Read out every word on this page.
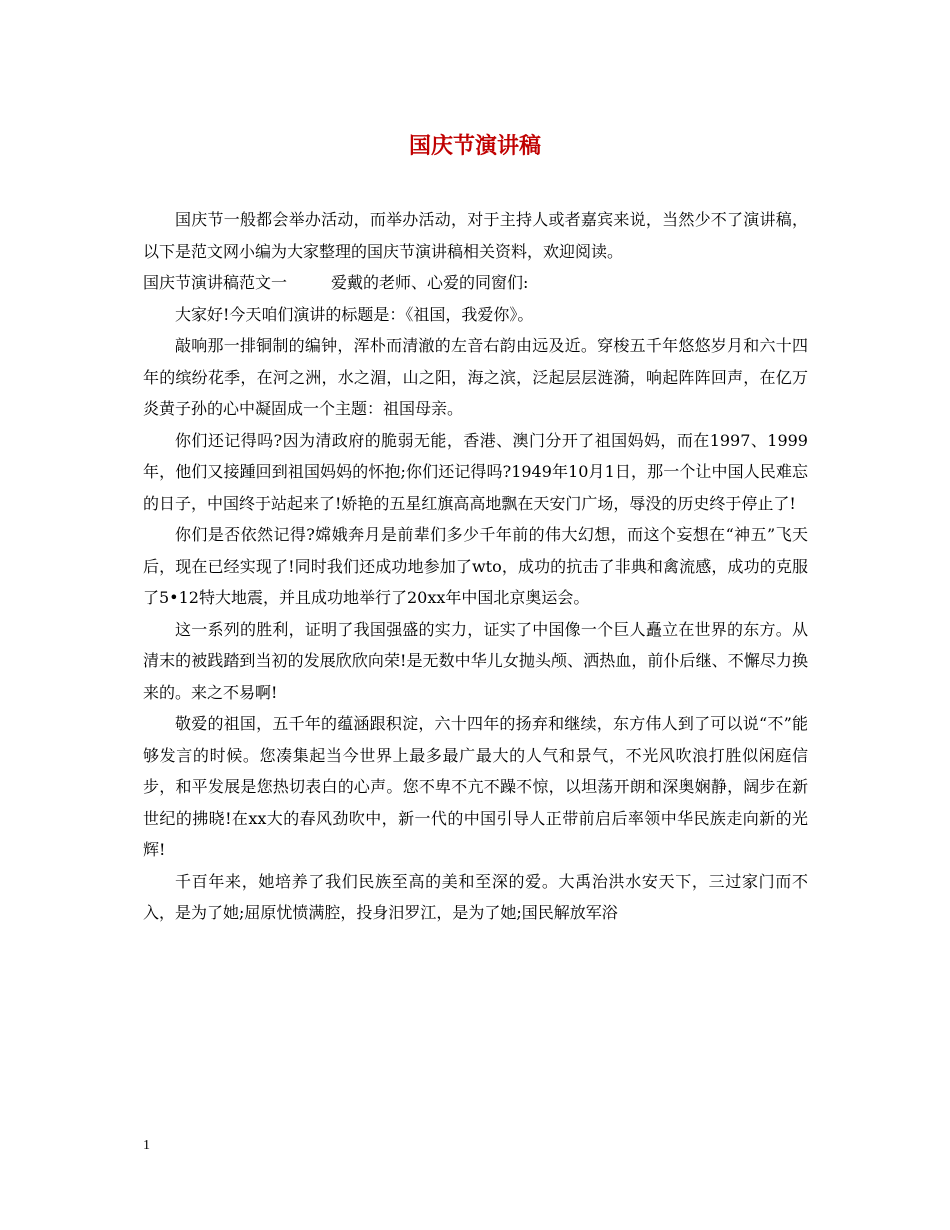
国庆节演讲稿

国庆节一般都会举办活动，而举办活动，对于主持人或者嘉宾来说，当然少不了演讲稿，以下是范文网小编为大家整理的国庆节演讲稿相关资料，欢迎阅读。

国庆节演讲稿范文一	爱戴的老师、心爱的同窗们:

大家好!今天咱们演讲的标题是：《祖国，我爱你》。

敲响那一排铜制的编钟，浑朴而清澈的左音右韵由远及近。穿梭五千年悠悠岁月和六十四年的缤纷花季，在河之洲，水之湄，山之阳，海之滨，泛起层层涟漪，响起阵阵回声，在亿万炎黄子孙的心中凝固成一个主题：祖国母亲。

你们还记得吗?因为清政府的脆弱无能，香港、澳门分开了祖国妈妈，而在1997、1999年，他们又接踵回到祖国妈妈的怀抱;你们还记得吗?1949年10月1日，那一个让中国人民难忘的日子，中国终于站起来了!娇艳的五星红旗高高地飘在天安门广场，辱没的历史终于停止了!

你们是否依然记得?嫦娥奔月是前辈们多少千年前的伟大幻想，而这个妄想在“神五”飞天后，现在已经实现了!同时我们还成功地参加了wto，成功的抗击了非典和禽流感，成功的克服了5•12特大地震，并且成功地举行了20xx年中国北京奥运会。

这一系列的胜利，证明了我国强盛的实力，证实了中国像一个巨人矗立在世界的东方。从清末的被践踏到当初的发展欣欣向荣!是无数中华儿女抛头颅、洒热血，前仆后继、不懈尽力换来的。来之不易啊!

敬爱的祖国，五千年的蕴涵跟积淀，六十四年的扬弃和继续，东方伟人到了可以说“不”能够发言的时候。您凑集起当今世界上最多最广最大的人气和景气，不光风吹浪打胜似闲庭信步，和平发展是您热切表白的心声。您不卑不亢不躁不惊，以坦荡开朗和深奥娴静，阔步在新世纪的拂晓!在xx大的春风劲吹中，新一代的中国引导人正带前启后率领中华民族走向新的光辉!

千百年来，她培养了我们民族至高的美和至深的爱。大禹治洪水安天下，三过家门而不入，是为了她;屈原忧愤满腔，投身汨罗江，是为了她;国民解放军浴

1
